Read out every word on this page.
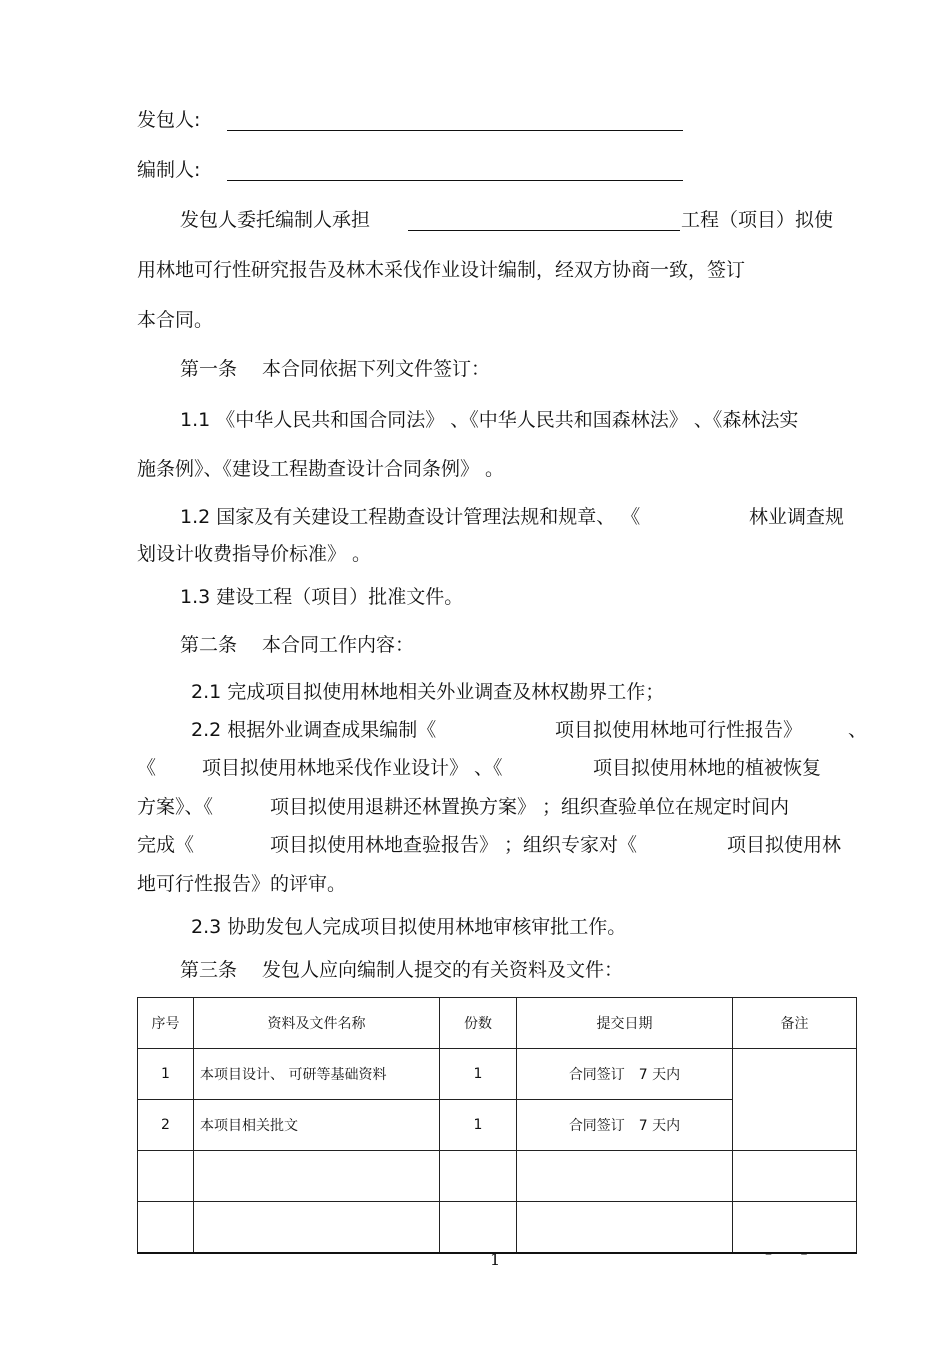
发包人:
编制人:
发包人委托编制人承担	工程（项目）拟使
用林地可行性研究报告及林木采伐作业设计编制，经双方协商一致，签订
本合同。
第一条　 本合同依据下列文件签订：
1.1 《中华人民共和国合同法》 、《中华人民共和国森林法》 、《森林法实
施条例》、《建设工程勘查设计合同条例》 。
1.2 国家及有关建设工程勘查设计管理法规和规章、 《	林业调查规
划设计收费指导价标准》 。
1.3 建设工程（项目）批准文件。
第二条　 本合同工作内容：
2.1 完成项目拟使用林地相关外业调查及林权勘界工作；
2.2 根据外业调查成果编制《	项目拟使用林地可行性报告》 、
《 项目拟使用林地采伐作业设计》 、《	项目拟使用林地的植被恢复
方案》、《	项目拟使用退耕还林置换方案》 ；组织查验单位在规定时间内
完成《	项目拟使用林地查验报告》 ；组织专家对《	项目拟使用林
地可行性报告》的评审。
2.3 协助发包人完成项目拟使用林地审核审批工作。
第三条　 发包人应向编制人提交的有关资料及文件：
序号	资料及文件名称	份数	提交日期	备注
1	本项目设计、 可研等基础资料	1	合同签订　7 天内	
2	本项目相关批文	1	合同签订　7 天内	

1	– –
